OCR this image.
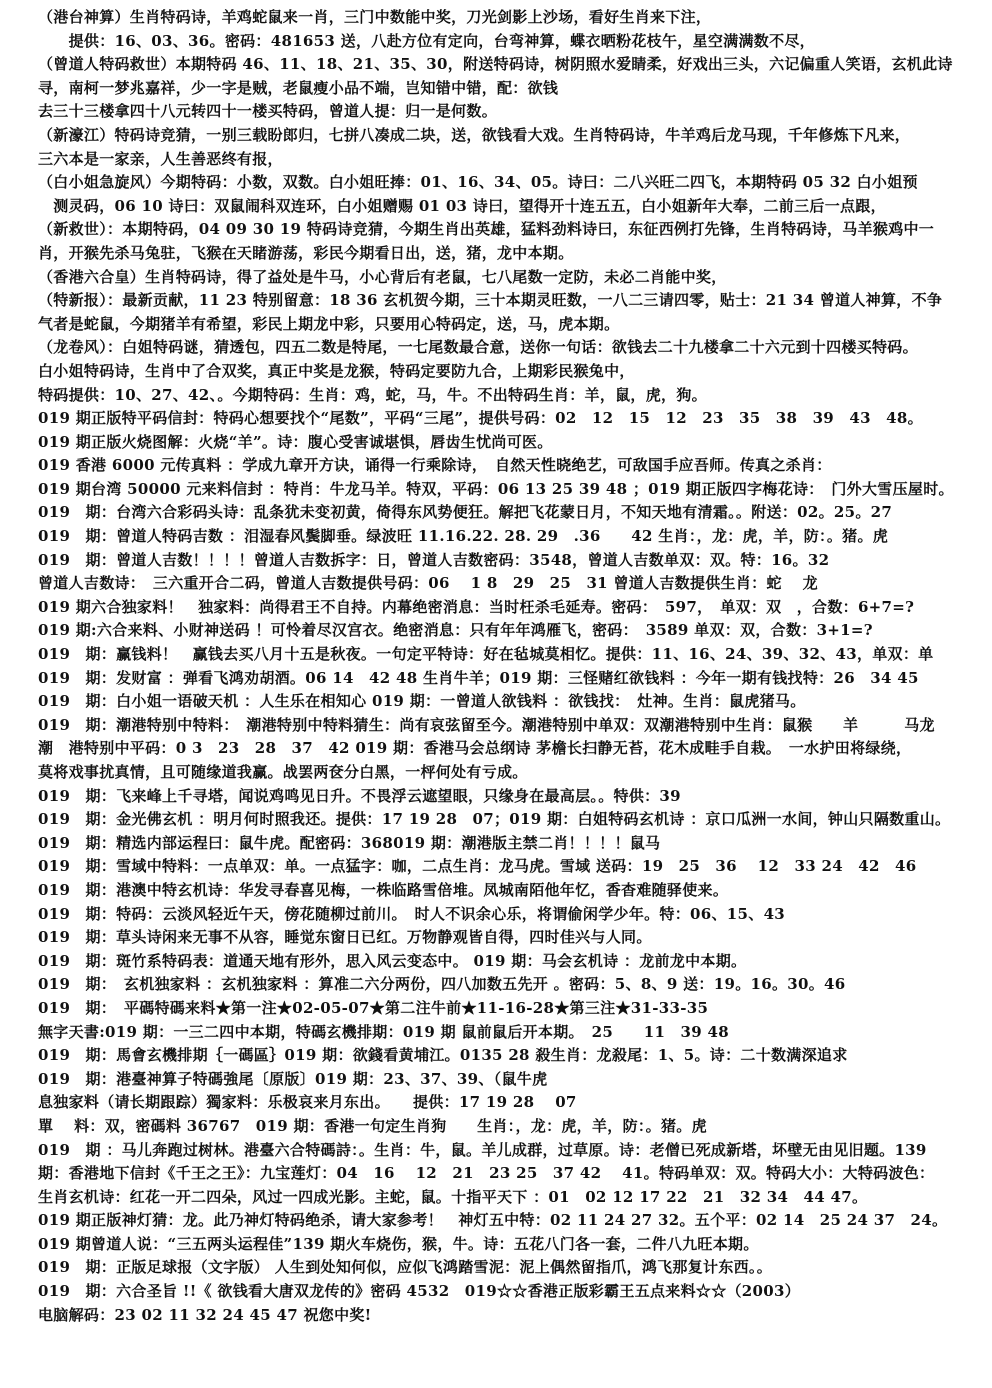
（港台神算）生肖特码诗，羊鸡蛇鼠来一肖，三门中数能中奖，刀光剑影上沙场，看好生肖来下注，
　　提供：16、03、36。密码：481653 送，八赴方位有定向，台弯神算，蝶衣晒粉花枝午，星空满满数不尽，
（曾道人特码救世）本期特码 46、11、18、21、35、30，附送特码诗，树阴照水爱睛柔，好戏出三头，六记偏重人笑语，玄机此诗
寻，南柯一梦兆嘉祥，少一字是贼，老鼠瘦小品不端，岂知错中错，配：欲钱
去三十三楼拿四十八元转四十一楼买特码，曾道人提：归一是何数。
（新濠江）特码诗竞猜，一别三载盼郎归，七拼八凑成二块，送，欲钱看大戏。生肖特码诗，牛羊鸡后龙马现，千年修炼下凡来，
三六本是一家亲，人生善恶终有报，
（白小姐急旋风）今期特码：小数，双数。白小姐旺捧：01、16、34、05。诗曰：二八兴旺二四飞，本期特码 05 32 白小姐预
　测灵码，06 10 诗曰：双鼠闹科双连环，白小姐赠赐 01 03 诗曰，望得开十连五五，白小姐新年大奉，二前三后一点跟，
（新救世）：本期特码，04 09 30 19 特码诗竞猜，今期生肖出英雄，猛料劲料诗曰，东征西例打先锋，生肖特码诗，马羊猴鸡中一
肖，开猴先杀马兔驻，飞猴在天睹游荡，彩民今期看日出，送，猪，龙中本期。
（香港六合皇）生肖特码诗，得了益处是牛马，小心背后有老鼠，七八尾数一定防，未必二肖能中奖，
（特新报）：最新贡献，11 23 特别留意：18 36 玄机贺今期，三十本期灵旺数，一八二三请四零，贴士：21 34 曾道人神算，不争
气者是蛇鼠，今期猪羊有希望，彩民上期龙中彩，只要用心特码定，送，马，虎本期。
（龙卷风）：白姐特码谜，猜透包，四五二数是特尾，一七尾数最合意，送你一句话：欲钱去二十九楼拿二十六元到十四楼买特码。
白小姐特码诗，生肖中了合双奖，真正中奖是龙猴，特码定要防九合，上期彩民猴兔中，
特码提供：10、27、42、。今期特码：生肖：鸡，蛇，马，牛。不出特码生肖：羊，鼠，虎，狗。
019 期正版特平码信封：特码心想要找个“尾数”，平码“三尾”，提供号码：02　12　15　12　23　35　38　39　43　48。
019 期正版火烧图解：火烧“羊”。诗：腹心受害诚堪惧，唇齿生忧尚可医。
019 香港 6000 元传真料 ：学成九章开方诀，诵得一行乘除诗，　自然天性晓绝艺，可敌国手应吾师。传真之杀肖：
019 期台湾 50000 元来料信封 ：特肖：牛龙马羊。特双，平码：06 13 25 39 48 ；019 期正版四字梅花诗：　门外大雪压屋时。
019　期：台湾六合彩码头诗：乱条犹未变初黄，倚得东风势便狂。解把飞花蒙日月，不知天地有清霜。。附送：02。25。27
019　期：曾道人特码吉数 ：泪湿春风鬓脚垂。绿波旺 11.16.22. 28. 29　.36　　42 生肖：，龙：虎，羊，防：。猪。虎
019　期：曾道人吉数！！！！曾道人吉数拆字：日，曾道人吉数密码：3548，曾道人吉数单双：双。特：16。32
曾道人吉数诗：　三六重开合二码，曾道人吉数提供号码：06　 1 8　29　25　31 曾道人吉数提供生肖：蛇　 龙
019 期六合独家料！　独家料：尚得君王不自持。内幕绝密消息：当时枉杀毛延寿。密码：　597，　单双：双　，合数：6+7=?
019 期:六合来料、小财神送码 ！可怜着尽汉宫衣。绝密消息：只有年年鸿雁飞，密码：　3589 单双：双，合数：3+1=?
019　期：赢钱料！　赢钱去买八月十五是秋夜。一句定平特诗：好在毡城莫相忆。提供：11、16、24、39、32、43，单双：单
019　期：发财富 ：弹看飞鸿劝胡酒。06 14　42 48 生肖牛羊；019 期：三怪赌红欲钱料 ：今年一期有钱找特：26　34 45
019　期：白小姐一语破天机 ：人生乐在相知心 019 期：一曾道人欲钱料 ：欲钱找：　灶神。生肖：鼠虎猪马。
019　期：潮港特别中特料：　潮港特别中特料猜生：尚有哀弦留至今。潮港特别中单双：双潮港特别中生肖：鼠猴　　羊　　　马龙
潮　港特别中平码：0 3　23　28　37　42 019 期：香港马会总纲诗 茅檐长扫静无苔，花木成畦手自栽。　一水护田将绿绕，
莫将戏事扰真情，且可随缘道我赢。战罢两奁分白黑，一枰何处有亏成。
019　期：飞来峰上千寻塔，闻说鸡鸣见日升。不畏浮云遮望眼，只缘身在最高层。。特供：39
019　期：金光佛玄机 ：明月何时照我还。提供：17 19 28　07；019 期：白姐特码玄机诗 ：京口瓜洲一水间，钟山只隔数重山。
019　期：精选内部运程曰：鼠牛虎。配密码：368019 期：潮港版主禁二肖！！！！鼠马
019　期：雪域中特料：一点单双：单。一点猛字：咖，二点生肖：龙马虎。雪域 送码：19　25　36　 12　33 24　42　46
019　期：港澳中特玄机诗：华发寻春喜见梅，一株临路雪倍堆。凤城南陌他年忆，香杳难随驿使来。
019　期：特码：云淡风轻近午天，傍花随柳过前川。　时人不识余心乐，将谓偷闲学少年。特：06、15、43
019　期：草头诗闲来无事不从容，睡觉东窗日已红。万物静观皆自得，四时佳兴与人同。
019　期：斑竹系特码表：道通天地有形外，思入风云变态中。 019 期：马会玄机诗 ：龙前龙中本期。
019　期：　玄机独家料 ：玄机独家料 ：算准二六分两份，四八加数五先开 。密码：5、8、9 送：19。16。30。46
019　期：　平碼特碼来料★第一注★02-05-07★第二注牛前★11-16-28★第三注★31-33-35
無字天書:019 期：一三二四中本期，特碼玄機排期：019 期 鼠前鼠后开本期。　25　　11　39 48
019　期：馬會玄機排期｛一碼區｝019 期：欲錢看黄埔江。0135 28 殺生肖：龙殺尾：1、5。诗：二十数满深追求
019　期：港臺神算子特碼強尾〔原版〕019 期：23、37、39、（鼠牛虎
息独家料（请长期跟踪）獨家料：乐极哀来月东出。　　提供：17 19 28　 07
單　 料：双，密碼料 36767　019 期：香港一句定生肖狗　　生肖：，龙：虎，羊，防：。猪。虎
019　期 ：马儿奔跑过树林。港臺六合特碼詩：。生肖：牛，鼠。羊儿成群，过草原。诗：老僧已死成新塔，坏壁无由见旧题。139
期：香港地下信封《千王之王》：九宝莲灯：04　16　 12　21　23 25　37 42　 41。特码单双：双。特码大小：大特码波色：
生肖玄机诗：红花一开二四朵，风过一四成光影。主蛇，鼠。十指平天下 ：01　02 12 17 22　21　32 34　44 47。
019 期正版神灯猜：龙。此乃神灯特码绝杀，请大家参考！　神灯五中特：02 11 24 27 32。五个平：02 14　25 24 37　24。
019 期曾道人说：“三五两头运程佳”139 期火车烧伤，猴，牛。诗：五花八门各一套，二件八九旺本期。
019　期：正版足球报（文字版） 人生到处知何似，应似飞鸿踏雪泥：泥上偶然留指爪，鸿飞那复计东西。。
019　期：六合圣旨 !!《 欲钱看大唐双龙传的》密码 4532　019☆☆香港正版彩霸王五点来料☆☆（2003）
电脑解码：23 02 11 32 24 45 47 祝您中奖!
